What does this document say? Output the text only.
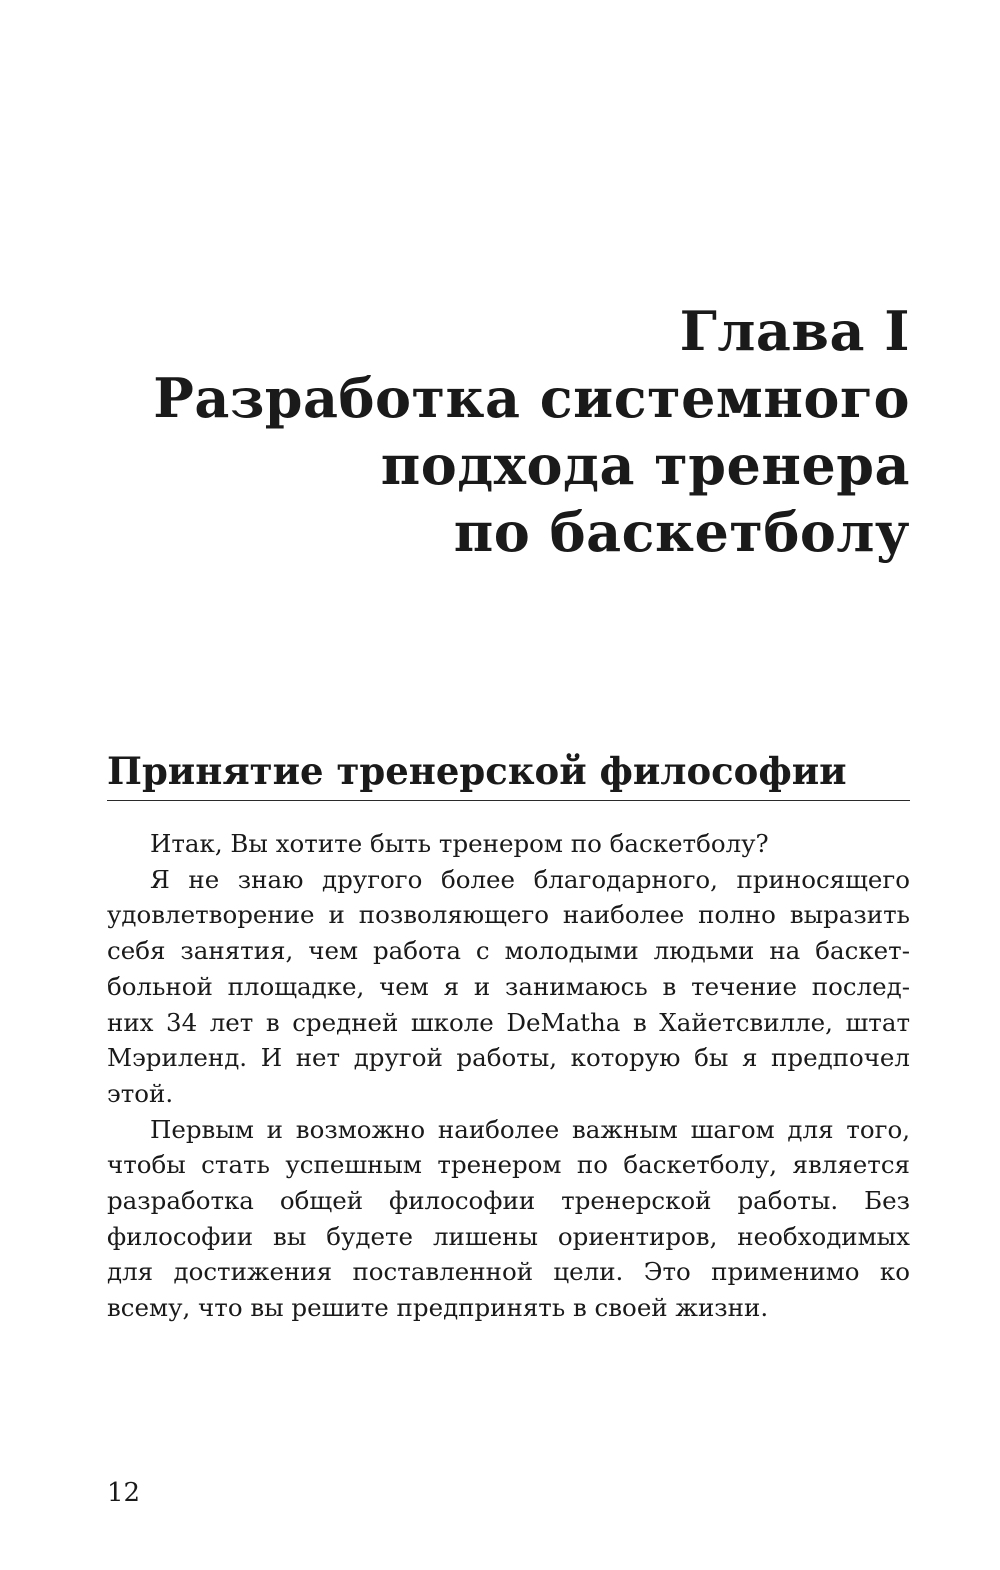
Глава I
Разработка системного
подхода тренера
по баскетболу
Принятие тренерской философии
Итак, Вы хотите быть тренером по баскетболу?
Я не знаю другого более благодарного, приносящего
удовлетворение и позволяющего наиболее полно выразить
себя занятия, чем работа с молодыми людьми на баскет-
больной площадке, чем я и занимаюсь в течение послед-
них 34 лет в средней школе DeMatha в Хайетсвилле, штат
Мэриленд. И нет другой работы, которую бы я предпочел
этой.
Первым и возможно наиболее важным шагом для того,
чтобы стать успешным тренером по баскетболу, является
разработка общей философии тренерской работы. Без
философии вы будете лишены ориентиров, необходимых
для достижения поставленной цели. Это применимо ко
всему, что вы решите предпринять в своей жизни.
12
